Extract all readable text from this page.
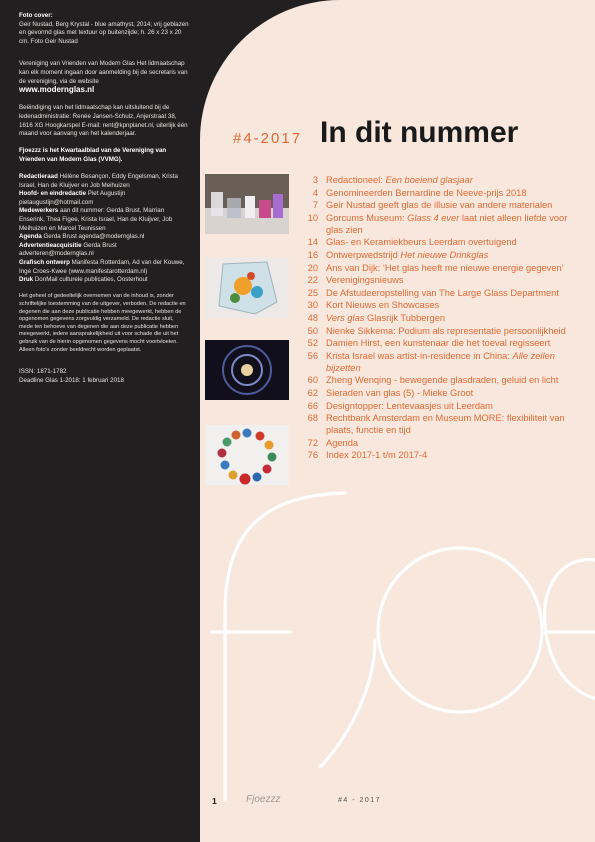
Foto cover:
Geir Nustad, Berg Krystal - blue amathyst, 2014; vrij geblazen en gevormd glas met textuur op buitenzijde; h. 26 x 23 x 20 cm. Foto Geir Nustad

Vereniging van Vrienden van Modern Glas Het lidmaatschap kan elk moment ingaan door aanmelding bij de secretaris van de vereniging, via de website

www.modernglas.nl

Beëindiging van het lidmaatschap kan uitsluitend bij de ledenadministratie: Renée Jansen-Schulz, Anjerstraat 38, 1616 XG Hoogkarspel E-mail: rent@kpnplanet.nl, uiterlijk één maand voor aanvang van het kalenderjaar.

Fjoezzz is het Kwartaalblad van de Vereniging van Vrienden van Modern Glas (VVMG).

Redactieraad Hélène Besançon, Eddy Engelsman, Krista Israel, Han de Kluijver en Job Meihuizen
Hoofd- en eindredactie Piet Augustijn pietaugustijn@hotmail.com
Medewerkers aan dit nummer: Gerda Brust, Marrian Enserink, Thea Figee, Krista Israel, Han de Kluijver, Job Meihuizen en Marcel Teunissen
Agenda Gerda Brust agenda@modernglas.nl
Advertentieacquisitie Gerda Brust adverteren@modernglas.nl
Grafisch ontwerp Manifesta Rotterdam, Ad van der Kouwe, Inge Croes-Kwee (www.manifestarotterdam.nl)
Druk DonMail culturele publicaties, Oosterhout

Het geheel of gedeeltelijk overnemen van de inhoud is, zonder schriftelijke toestemming van de uitgever, verboden. De redactie en degenen die aan deze publicatie hebben meegewerkt, hebben de opgenomen gegevens zorgvuldig verzameld. De redactie sluit, mede ten behoeve van degenen die aan deze publicatie hebben meegewerkt, iedere aansprakelijkheid uit voor schade die uit het gebruik van de hierin opgenomen gegevens mocht voortvloeien. Alleen foto's zonder beeldrecht worden geplaatst.

ISSN: 1871-1782
Deadline Glas 1-2018: 1 februari 2018

#4-2017 In dit nummer
3 Redactioneel: Een boeiend glasjaar
4 Genomineerden Bernardine de Neeve-prijs 2018
7 Geir Nustad geeft glas de illusie van andere materialen
10 Gorcums Museum: Glass 4 ever laat niet alleen liefde voor glas zien
14 Glas- en Keramiekbeurs Leerdam overtuigend
16 Ontwerpwedstrijd Het nieuwe Drinkglas
20 Ans van Dijk: ‘Het glas heeft me nieuwe energie gegeven’
22 Verenigingsnieuws
25 De Afstudeeropstelling van The Large Glass Department
30 Kort Nieuws en Showcases
48 Vers glas Glasrijk Tubbergen
50 Nienke Sikkema: Podium als representatie persoonlijkheid
52 Damien Hirst, een kunstenaar die het toeval regisseert
56 Krista Israel was artist-in-residence in China: Alle zeilen bijzetten
60 Zheng Wenqing - bewegende glasdraden, geluid en licht
62 Sieraden van glas (5) - Mieke Groot
66 Designtopper: Lentevaasjes uit Leerdam
68 Rechtbank Amsterdam en Museum MORE: flexibiliteit van plaats, functie en tijd
72 Agenda
76 Index 2017-1 t/m 2017-4
1	Fjoezzz	#4 - 2017
